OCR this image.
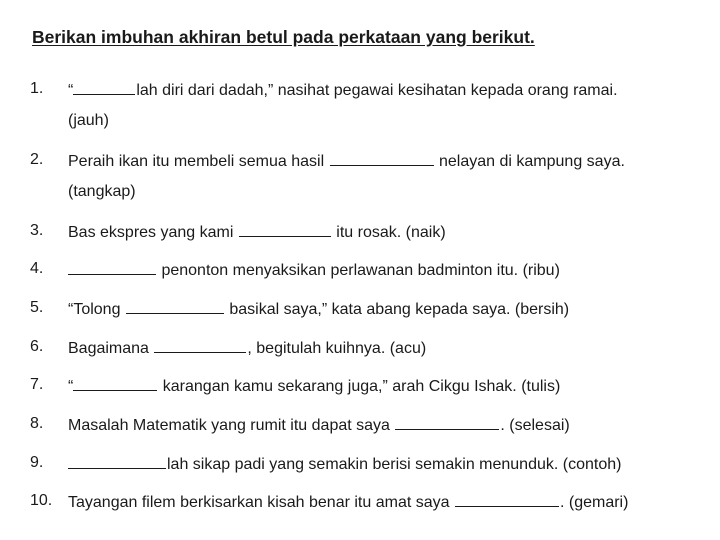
Berikan imbuhan akhiran betul pada perkataan yang berikut.
1. “	lah diri dari dadah,” nasihat pegawai kesihatan kepada orang ramai.
(jauh)
2. Peraih ikan itu membeli semua hasil	nelayan di kampung saya.
(tangkap)
3. Bas ekspres yang kami	itu rosak. (naik)
4.	penonton menyaksikan perlawanan badminton itu. (ribu)
5. “Tolong	basikal saya,” kata abang kepada saya. (bersih)
6. Bagaimana	, begitulah kuihnya. (acu)
7. “	karangan kamu sekarang juga,” arah Cikgu Ishak. (tulis)
8. Masalah Matematik yang rumit itu dapat saya	. (selesai)
9.	lah sikap padi yang semakin berisi semakin menunduk. (contoh)
10. Tayangan filem berkisarkan kisah benar itu amat saya	. (gemari)
